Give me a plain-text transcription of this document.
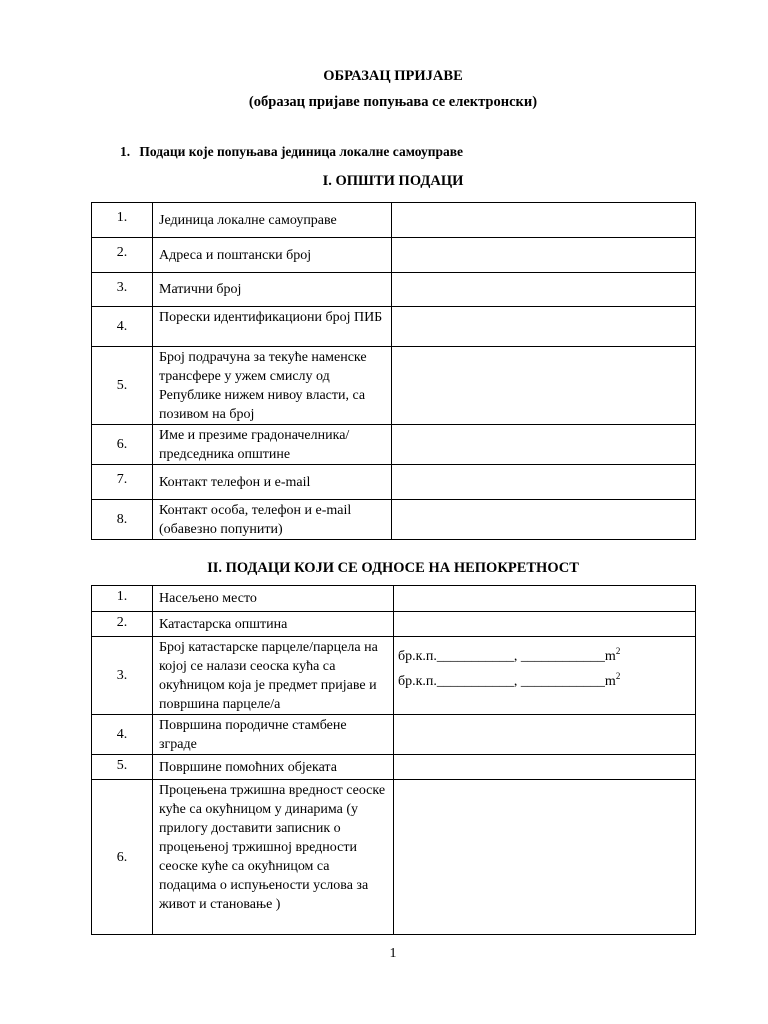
ОБРАЗАЦ ПРИЈАВЕ
(образац пријаве попуњава се електронски)
1. Подаци које попуњава јединица локалне самоуправе
I. ОПШТИ ПОДАЦИ
1.	Јединица локалне самоуправе	
2.	Адреса и поштански број	
3.	Матични број	
4.	Порески идентификациони број ПИБ	
5.	Број подрачуна за текуће наменске трансфере у ужем смислу од Републике нижем нивоу власти, са позивом на број	
6.	Име и презиме градоначелника/ председника општине	
7.	Контакт телефон и e-mail	
8.	Контакт особа, телефон и e-mail (обавезно попунити)	
II. ПОДАЦИ КОЈИ СЕ ОДНОСЕ НА НЕПОКРЕТНОСТ
1.	Насељено место	
2.	Катастарска општина	
3.	Број катастарске парцеле/парцела на којој се налази сеоска кућа са окућницом која је предмет пријаве и површина парцеле/а	бр.к.п.___________, $\_\_\_\_\_\_\_\_\_\_\_\_m^2$
бр.к.п.___________, $\_\_\_\_\_\_\_\_\_\_\_\_m^2$

4.	Површина породичне стамбене зграде	
5.	Површине помоћних објеката	
6.	Процењена тржишна вредност сеоске куће са окућницом у динарима (у прилогу доставити записник о процењеној тржишној вредности сеоске куће са окућницом са подацима о испуњености услова за живот и становање )	
1
